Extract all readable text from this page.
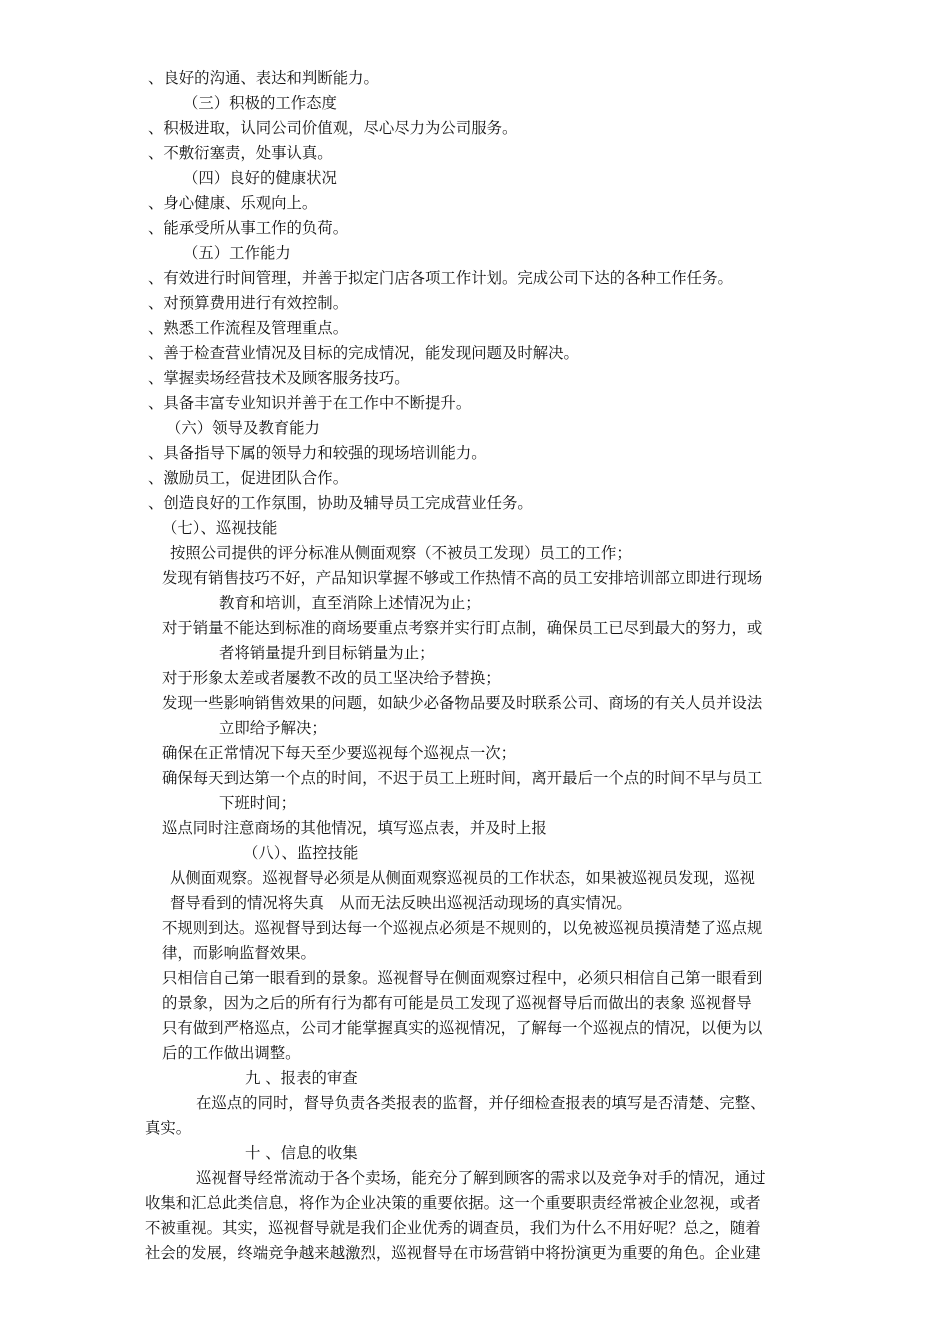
、良好的沟通、表达和判断能力。
（三）积极的工作态度
、积极进取，认同公司价值观，尽心尽力为公司服务。
、不敷衍塞责，处事认真。
（四）良好的健康状况
、身心健康、乐观向上。
、能承受所从事工作的负荷。
（五）工作能力
、有效进行时间管理，并善于拟定门店各项工作计划。完成公司下达的各种工作任务。
、对预算费用进行有效控制。
、熟悉工作流程及管理重点。
、善于检查营业情况及目标的完成情况，能发现问题及时解决。
、掌握卖场经营技术及顾客服务技巧。
、具备丰富专业知识并善于在工作中不断提升。
（六）领导及教育能力
、具备指导下属的领导力和较强的现场培训能力。
、激励员工，促进团队合作。
、创造良好的工作氛围，协助及辅导员工完成营业任务。
（七）、巡视技能
按照公司提供的评分标准从侧面观察（不被员工发现）员工的工作；
发现有销售技巧不好，产品知识掌握不够或工作热情不高的员工安排培训部立即进行现场
教育和培训，直至消除上述情况为止；
对于销量不能达到标准的商场要重点考察并实行盯点制，确保员工已尽到最大的努力，或
者将销量提升到目标销量为止；
对于形象太差或者屡教不改的员工坚决给予替换；
发现一些影响销售效果的问题，如缺少必备物品要及时联系公司、商场的有关人员并设法
立即给予解决；
确保在正常情况下每天至少要巡视每个巡视点一次；
确保每天到达第一个点的时间，不迟于员工上班时间，离开最后一个点的时间不早与员工
下班时间；
巡点同时注意商场的其他情况，填写巡点表，并及时上报
（八）、监控技能
从侧面观察。巡视督导必须是从侧面观察巡视员的工作状态，如果被巡视员发现，巡视
督导看到的情况将失真　从而无法反映出巡视活动现场的真实情况。
不规则到达。巡视督导到达每一个巡视点必须是不规则的，以免被巡视员摸清楚了巡点规
律，而影响监督效果。
只相信自己第一眼看到的景象。巡视督导在侧面观察过程中，必须只相信自己第一眼看到
的景象，因为之后的所有行为都有可能是员工发现了巡视督导后而做出的表象 巡视督导
只有做到严格巡点，公司才能掌握真实的巡视情况，了解每一个巡视点的情况，以便为以
后的工作做出调整。
九 、报表的审查
在巡点的同时，督导负责各类报表的监督，并仔细检查报表的填写是否清楚、完整、
真实。
十 、信息的收集
巡视督导经常流动于各个卖场，能充分了解到顾客的需求以及竞争对手的情况，通过
收集和汇总此类信息，将作为企业决策的重要依据。这一个重要职责经常被企业忽视，或者
不被重视。其实，巡视督导就是我们企业优秀的调查员，我们为什么不用好呢？总之，随着
社会的发展，终端竞争越来越激烈，巡视督导在市场营销中将扮演更为重要的角色。企业建
